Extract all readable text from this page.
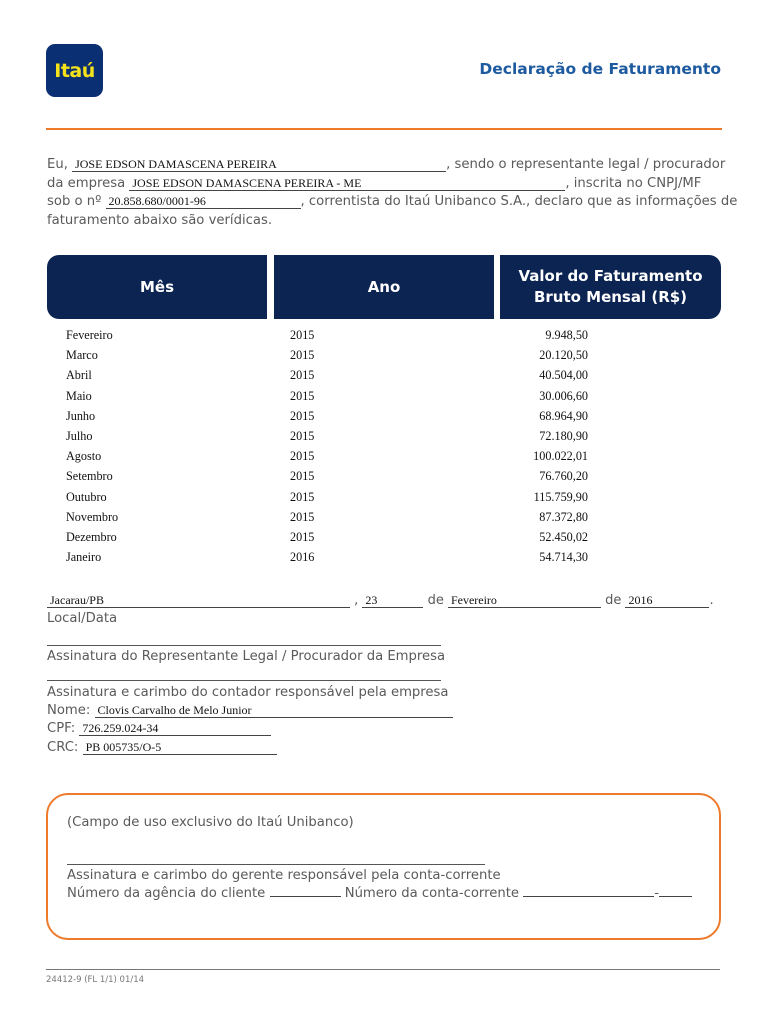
Itaú	Declaração de Faturamento
Eu, JOSE EDSON DAMASCENA PEREIRA	, sendo o representante legal / procurador
da empresa JOSE EDSON DAMASCENA PEREIRA - ME	, inscrita no CNPJ/MF
sob o nº 20.858.680/0001-96	, correntista do Itaú Unibanco S.A., declaro que as informações de
faturamento abaixo são verídicas.
Mês	Ano
Valor do Faturamento
Bruto Mensal (R$)
Fevereiro	2015	9.948,50
Marco	2015	20.120,50
Abril	2015	40.504,00
Maio	2015	30.006,60
Junho	2015	68.964,90
Julho	2015	72.180,90
Agosto	2015	100.022,01
Setembro	2015	76.760,20
Outubro	2015	115.759,90
Novembro	2015	87.372,80
Dezembro	2015	52.450,02
Janeiro	2016	54.714,30
Jacarau/PB	, 23	de Fevereiro	de 2016	.
Local/Data
Assinatura do Representante Legal / Procurador da Empresa
Assinatura e carimbo do contador responsável pela empresa
Nome: Clovis Carvalho de Melo Junior
CPF: 726.259.024-34
CRC: PB 005735/O-5
(Campo de uso exclusivo do Itaú Unibanco)
Assinatura e carimbo do gerente responsável pela conta-corrente
Número da agência do cliente	Número da conta-corrente	-
24412-9 (FL 1/1) 01/14
